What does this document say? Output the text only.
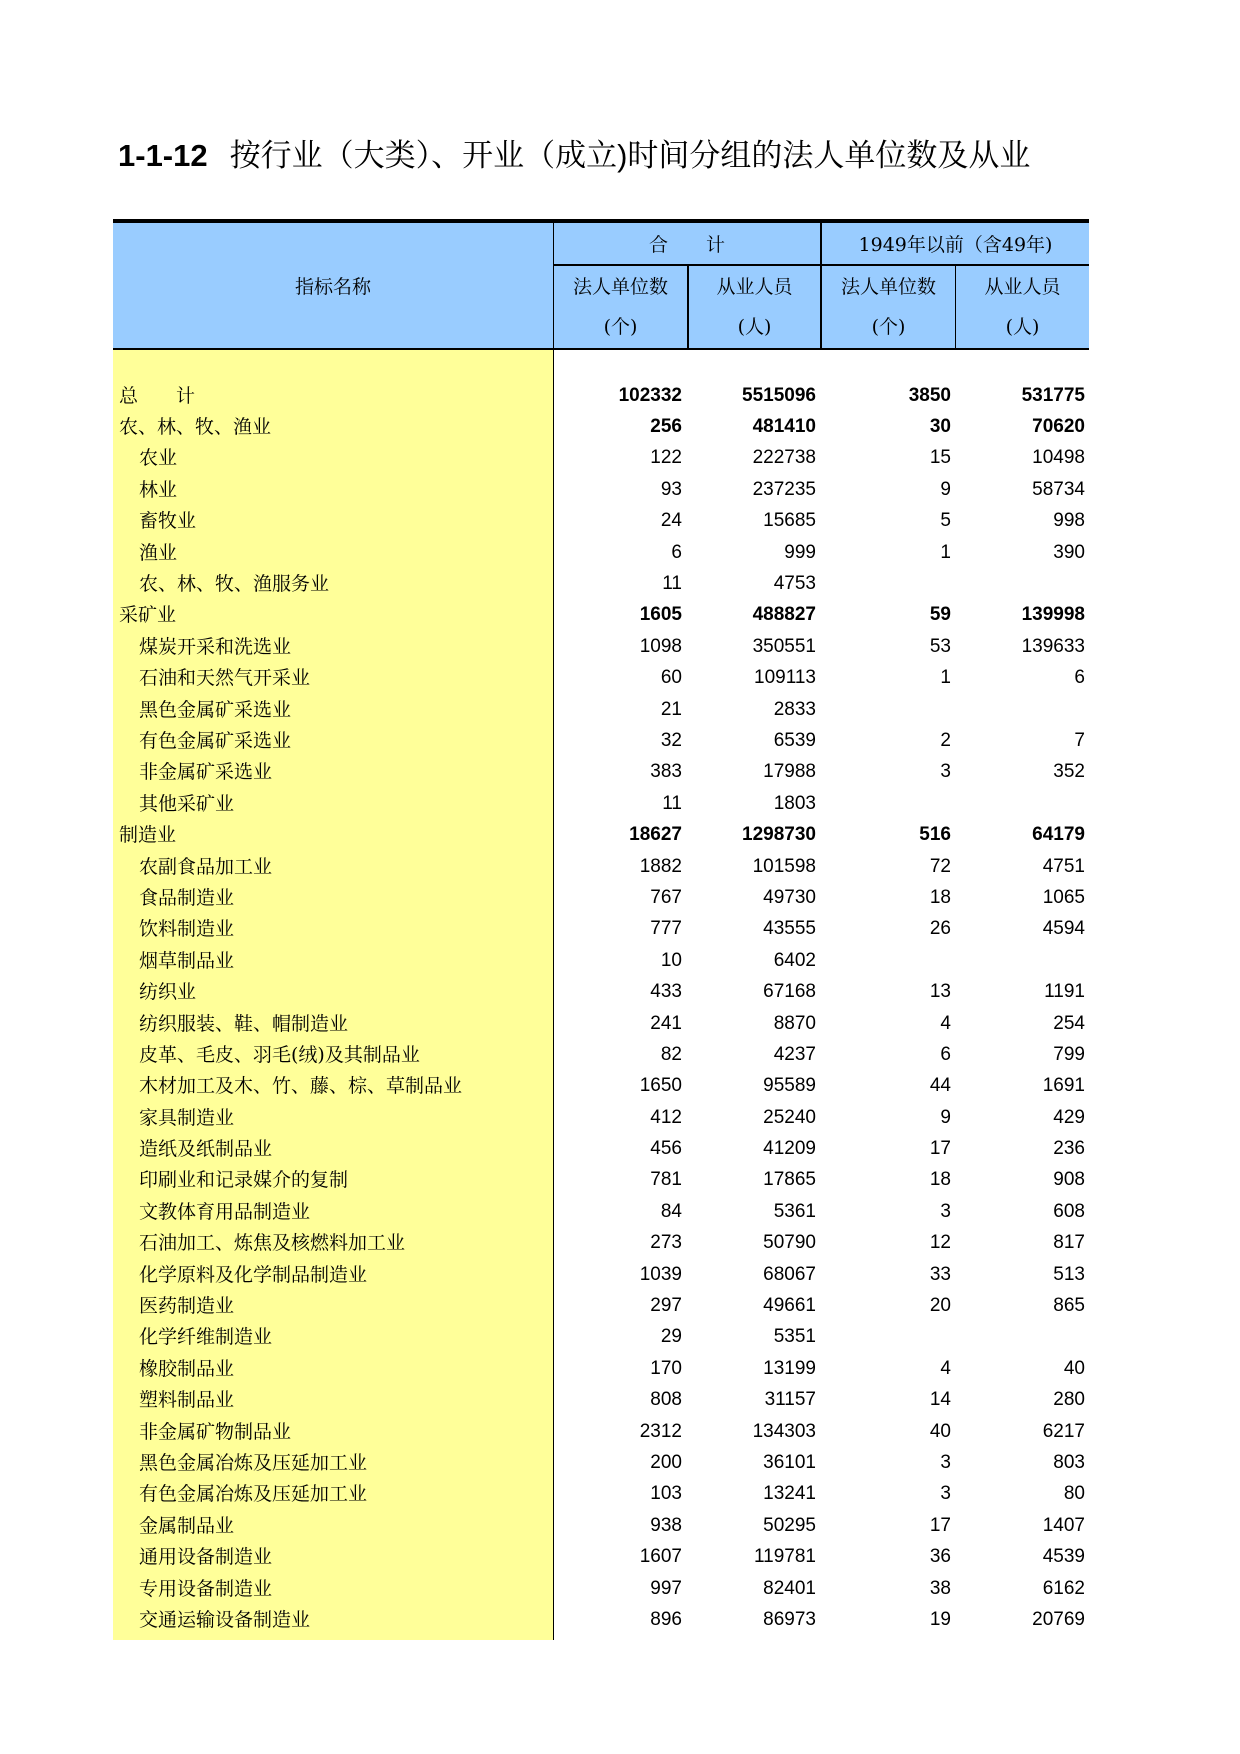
1-1-12 按行业（大类）、开业（成立)时间分组的法人单位数及从业
指标名称
合　　计	1949年以前（含49年)
法人单位数
(个)
从业人员
(人)
法人单位数
(个)
从业人员
(人)
总　　计	102332	5515096	3850	531775
农、林、牧、渔业	256	481410	30	70620
农业	122	222738	15	10498
林业	93	237235	9	58734
畜牧业	24	15685	5	998
渔业	6	999	1	390
农、林、牧、渔服务业	11	4753
采矿业	1605	488827	59	139998
煤炭开采和洗选业	1098	350551	53	139633
石油和天然气开采业	60	109113	1	6
黑色金属矿采选业	21	2833
有色金属矿采选业	32	6539	2	7
非金属矿采选业	383	17988	3	352
其他采矿业	11	1803
制造业	18627	1298730	516	64179
农副食品加工业	1882	101598	72	4751
食品制造业	767	49730	18	1065
饮料制造业	777	43555	26	4594
烟草制品业	10	6402
纺织业	433	67168	13	1191
纺织服装、鞋、帽制造业	241	8870	4	254
皮革、毛皮、羽毛(绒)及其制品业	82	4237	6	799
木材加工及木、竹、藤、棕、草制品业	1650	95589	44	1691
家具制造业	412	25240	9	429
造纸及纸制品业	456	41209	17	236
印刷业和记录媒介的复制	781	17865	18	908
文教体育用品制造业	84	5361	3	608
石油加工、炼焦及核燃料加工业	273	50790	12	817
化学原料及化学制品制造业	1039	68067	33	513
医药制造业	297	49661	20	865
化学纤维制造业	29	5351
橡胶制品业	170	13199	4	40
塑料制品业	808	31157	14	280
非金属矿物制品业	2312	134303	40	6217
黑色金属冶炼及压延加工业	200	36101	3	803
有色金属冶炼及压延加工业	103	13241	3	80
金属制品业	938	50295	17	1407
通用设备制造业	1607	119781	36	4539
专用设备制造业	997	82401	38	6162
交通运输设备制造业	896	86973	19	20769
